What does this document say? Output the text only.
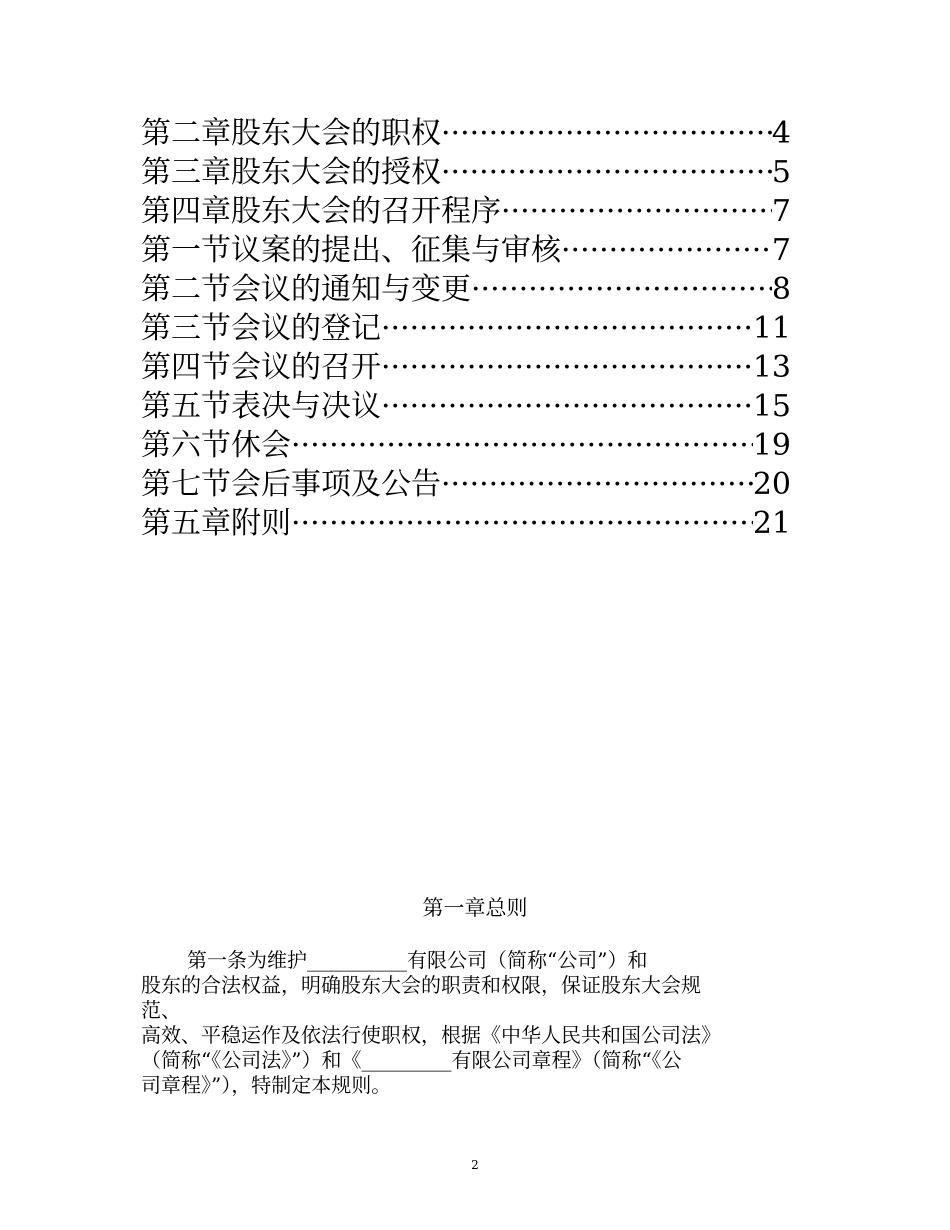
第二章股东大会的职权 ·····	4
第三章股东大会的授权 ·····	5
第四章股东大会的召开程序 ·····	7
第一节议案的提出、征集与审核 ·····	7
第二节会议的通知与变更 ·····	8
第三节会议的登记 ·····	11
第四节会议的召开 ·····	13
第五节表决与决议 ·····	15
第六节休会 ·····	19
第七节会后事项及公告 ·····	20
第五章附则 ·····	21
第一章总则
第一条为维护__________有限公司（简称“公司”）和
股东的合法权益，明确股东大会的职责和权限，保证股东大会规
范、
高效、平稳运作及依法行使职权，根据《中华人民共和国公司法》
（简称“《公司法》”）和《_________有限公司章程》（简称“《公
司章程》”），特制定本规则。
2
